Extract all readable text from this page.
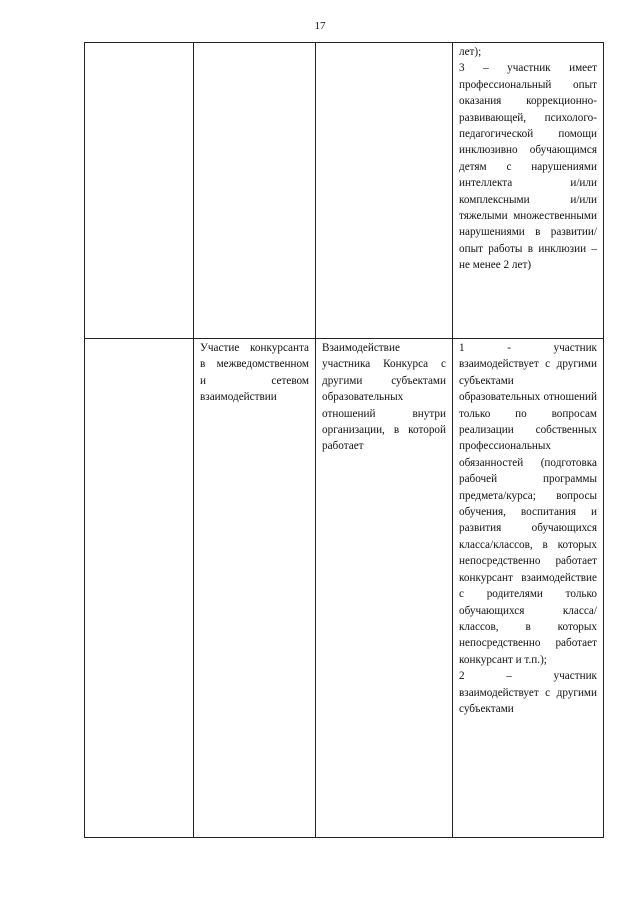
17

			лет);
3 – участник имеет профессиональный опыт оказания коррекционно-развивающей, психолого-педагогической помощи инклюзивно обучающимся детям с нарушениями интеллекта и/или комплексными и/или тяжелыми множественными нарушениями в развитии/опыт работы в инклюзии – не менее 2 лет)

	Участие конкурсанта в межведомственном и сетевом взаимодействии	Взаимодействие участника Конкурса с другими субъектами образовательных отношений внутри организации, в которой работает	1 - участник взаимодействует с другими субъектами образовательных отношений только по вопросам реализации собственных профессиональных обязанностей (подготовка рабочей программы предмета/курса; вопросы обучения, воспитания и развития обучающихся класса/классов, в которых непосредственно работает конкурсант взаимодействие с родителями только обучающихся класса/классов, в которых непосредственно работает конкурсант и т.п.);
2 – участник взаимодействует с другими субъектами
